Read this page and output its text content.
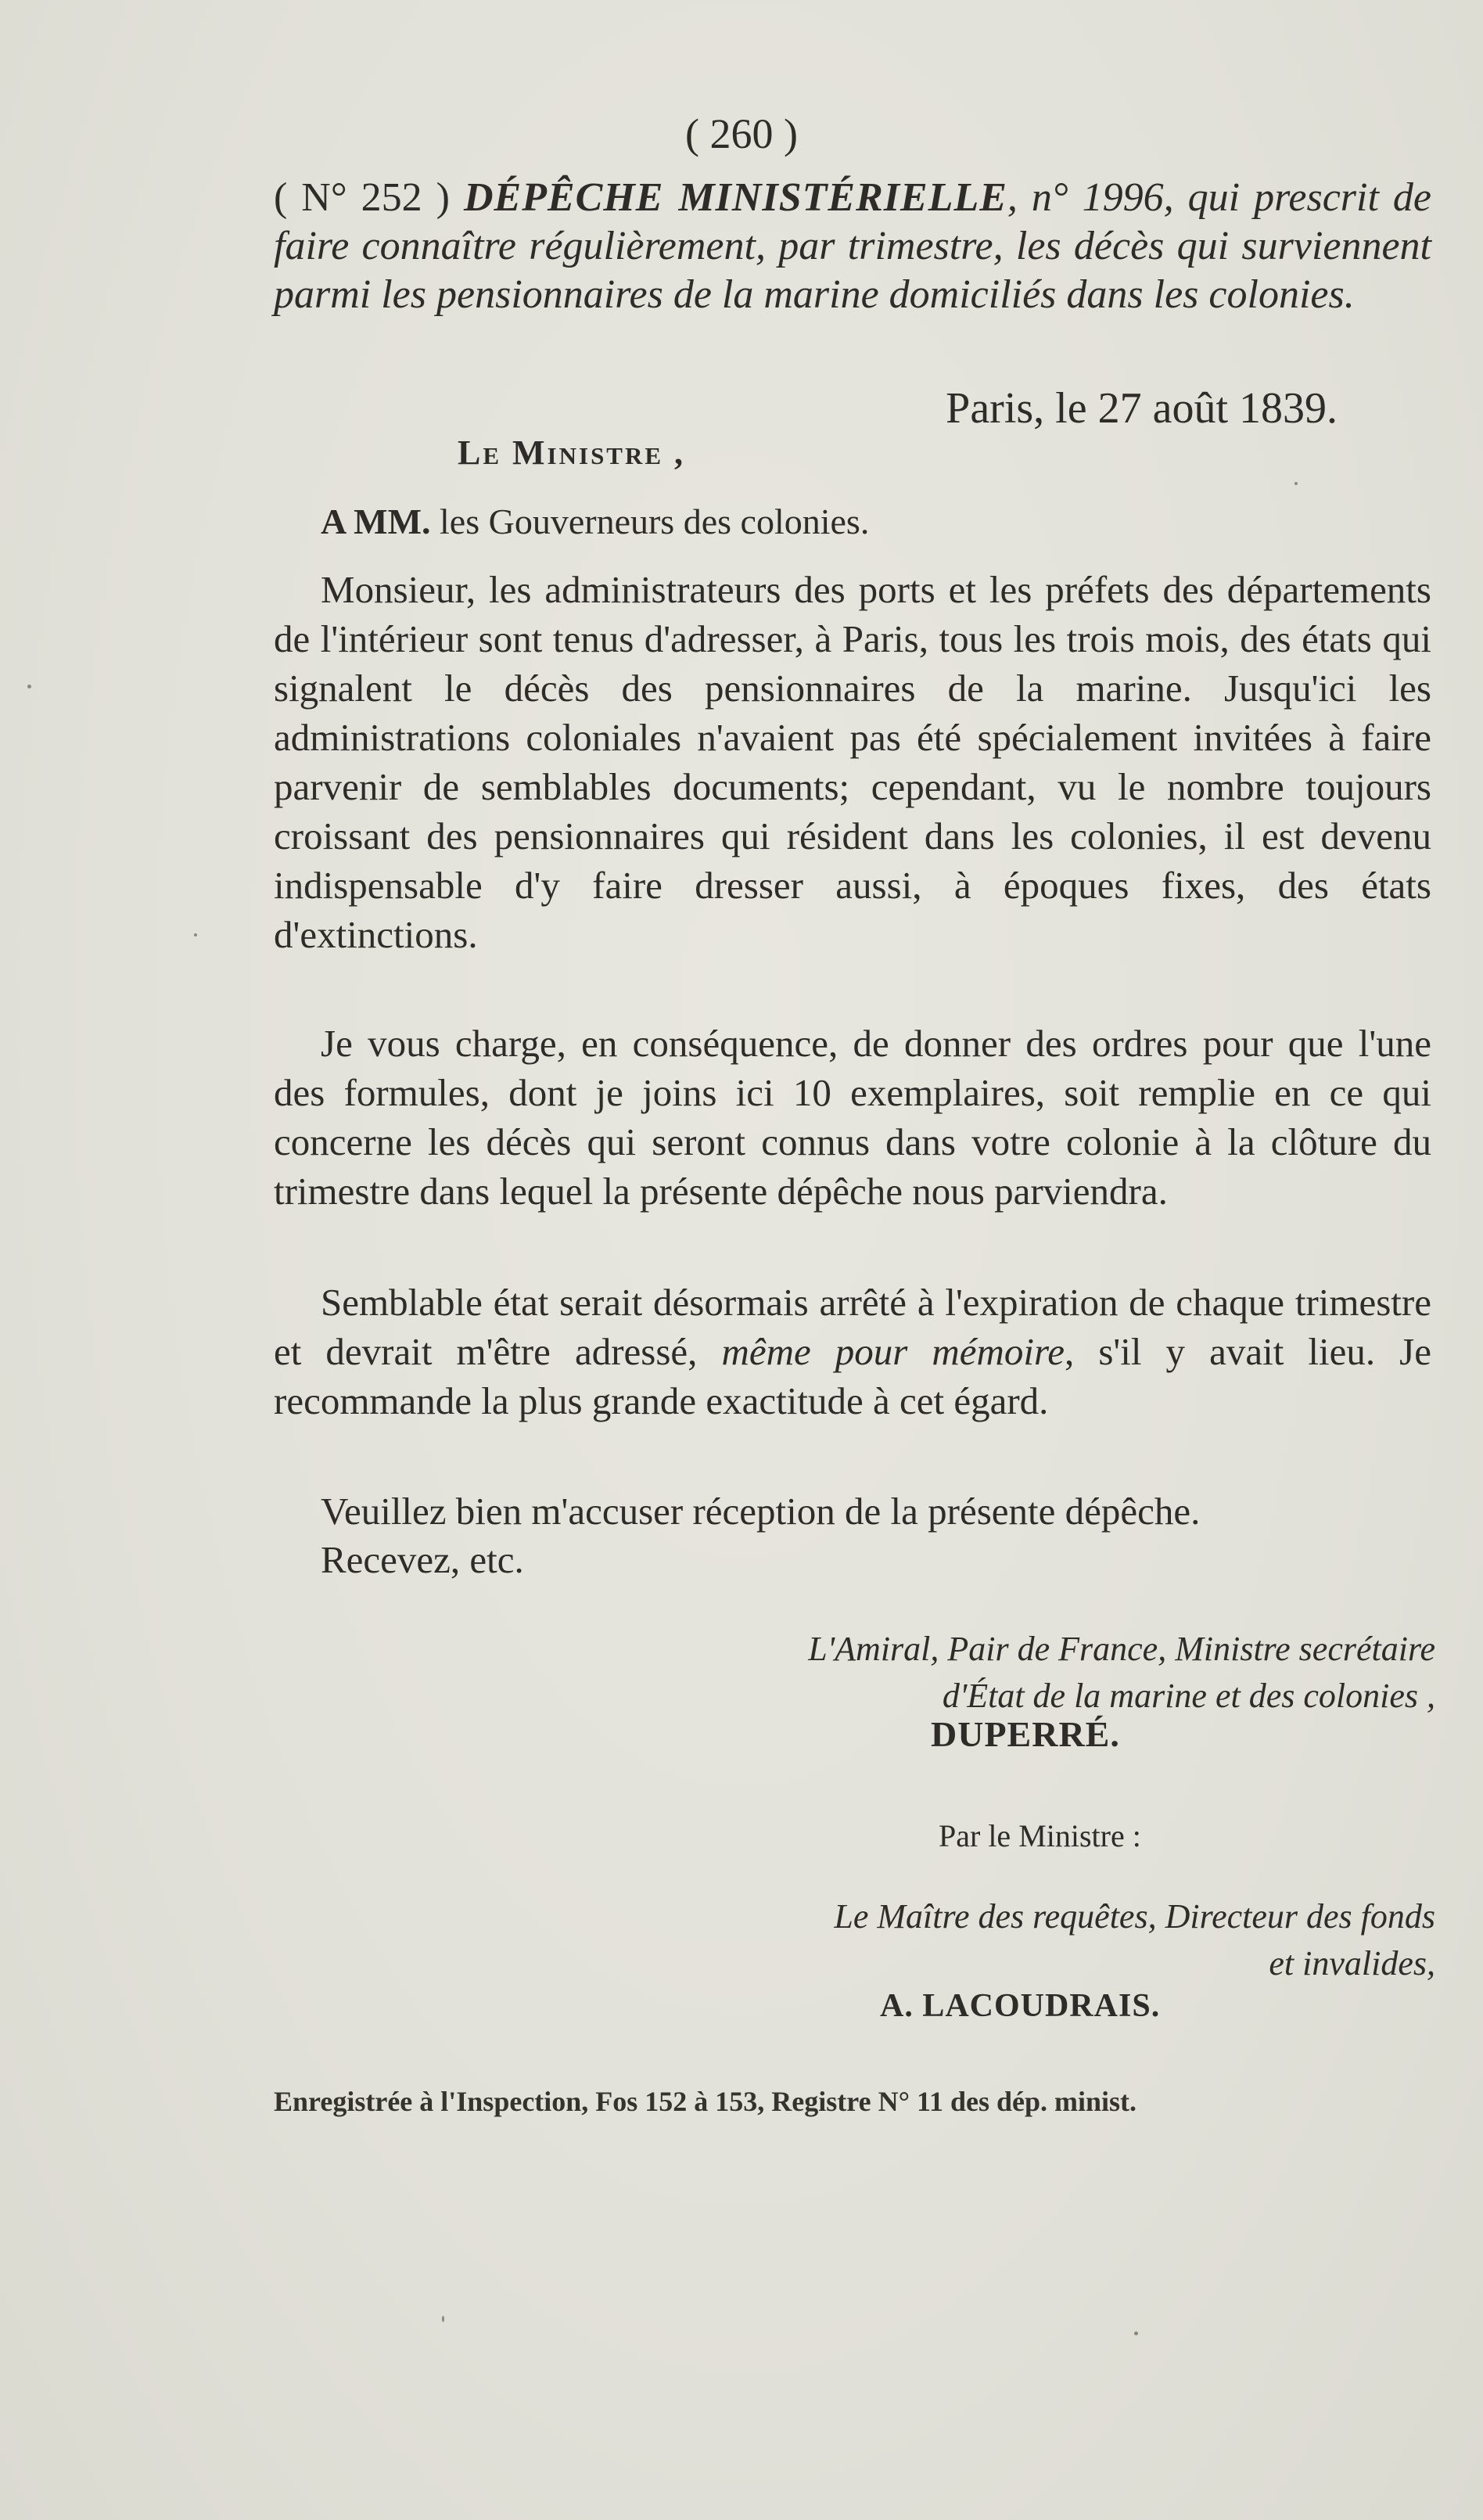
( 260 )
( N° 252 ) DÉPÊCHE MINISTÉRIELLE, n° 1996, qui prescrit de faire connaître régulièrement, par trimestre, les décès qui surviennent parmi les pensionnaires de la marine domiciliés dans les colonies.
Paris, le 27 août 1839.
Le Ministre ,
A MM. les Gouverneurs des colonies.
Monsieur, les administrateurs des ports et les préfets des départements de l'intérieur sont tenus d'adresser, à Paris, tous les trois mois, des états qui signalent le décès des pensionnaires de la marine. Jusqu'ici les administrations coloniales n'avaient pas été spécialement invitées à faire parvenir de semblables documents; cependant, vu le nombre toujours croissant des pensionnaires qui résident dans les colonies, il est devenu indispensable d'y faire dresser aussi, à époques fixes, des états d'extinctions.
Je vous charge, en conséquence, de donner des ordres pour que l'une des formules, dont je joins ici 10 exemplaires, soit remplie en ce qui concerne les décès qui seront connus dans votre colonie à la clôture du trimestre dans lequel la présente dépêche nous parviendra.
Semblable état serait désormais arrêté à l'expiration de chaque trimestre et devrait m'être adressé, même pour mémoire, s'il y avait lieu. Je recommande la plus grande exactitude à cet égard.
Veuillez bien m'accuser réception de la présente dépêche.
Recevez, etc.
L'Amiral, Pair de France, Ministre secrétaire
d'État de la marine et des colonies ,
DUPERRÉ.
Par le Ministre :
Le Maître des requêtes, Directeur des fonds
et invalides,
A. LACOUDRAIS.
Enregistrée à l'Inspection, Fos 152 à 153, Registre N° 11 des dép. minist.
